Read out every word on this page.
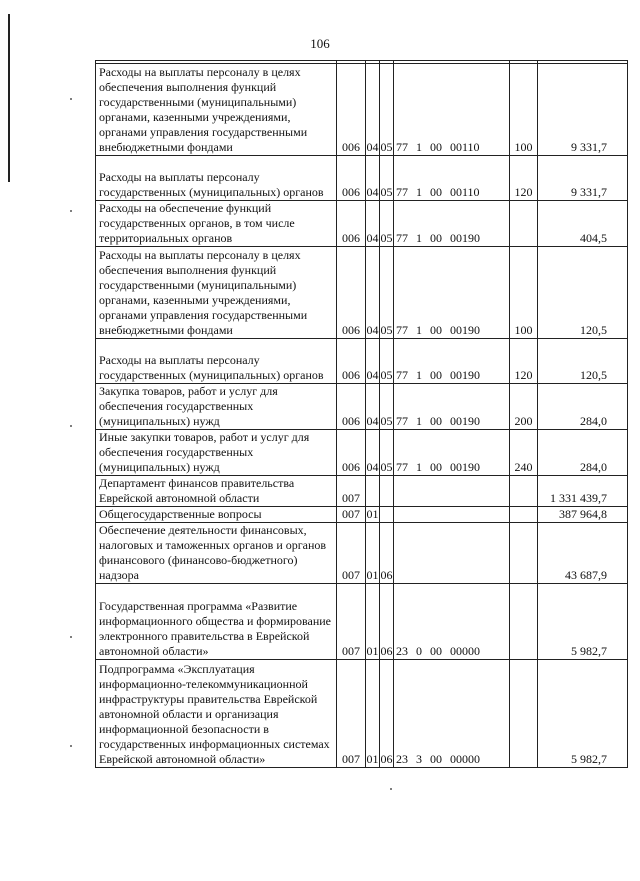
106

Расходы на выплаты персоналу в целях обеспечения выполнения функций государственными (муниципальными) органами, казенными учреждениями, органами управления государственными внебюджетными фондами	006	04	05	77 1 00 00110	100	9 331,7
Расходы на выплаты персоналу государственных (муниципальных) органов	006	04	05	77 1 00 00110	120	9 331,7
Расходы на обеспечение функций государственных органов, в том числе территориальных органов	006	04	05	77 1 00 00190		404,5
Расходы на выплаты персоналу в целях обеспечения выполнения функций государственными (муниципальными) органами, казенными учреждениями, органами управления государственными внебюджетными фондами	006	04	05	77 1 00 00190	100	120,5
Расходы на выплаты персоналу государственных (муниципальных) органов	006	04	05	77 1 00 00190	120	120,5
Закупка товаров, работ и услуг для обеспечения государственных (муниципальных) нужд	006	04	05	77 1 00 00190	200	284,0
Иные закупки товаров, работ и услуг для обеспечения государственных (муниципальных) нужд	006	04	05	77 1 00 00190	240	284,0
Департамент финансов правительства Еврейской автономной области	007					1 331 439,7
Общегосударственные вопросы	007	01				387 964,8
Обеспечение деятельности финансовых, налоговых и таможенных органов и органов финансового (финансово-бюджетного) надзора	007	01	06			43 687,9
Государственная программа «Развитие информационного общества и формирование электронного правительства в Еврейской автономной области»	007	01	06	23 0 00 00000		5 982,7
Подпрограмма «Эксплуатация информационно-телекоммуникационной инфраструктуры правительства Еврейской автономной области и организация информационной безопасности в государственных информационных системах Еврейской автономной области»	007	01	06	23 3 00 00000		5 982,7
